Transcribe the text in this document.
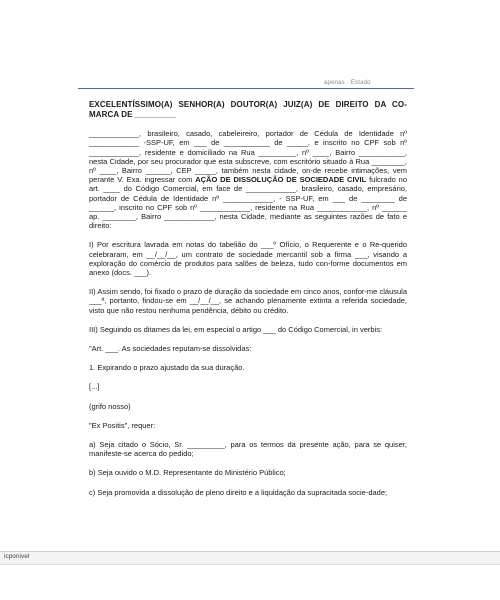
apenas · Estado
EXCELENTÍSSIMO(A) SENHOR(A) DOUTOR(A) JUIZ(A) DE DIREITO DA CO-MARCA DE _________
____________, brasileiro, casado, cabeleireiro, portador de Cédula de Identidade nº ____________ -SSP-UF, em ___ de ___________ de _____, e inscrito no CPF sob nº ____________, residente e domiciliado na Rua _________, nº ____, Bairro ___________, nesta Cidade, por seu procurador que esta subscreve, com escritório situado à Rua ________, nº ____, Bairro ______, CEP _____, também nesta cidade, on-de recebe intimações, vem perante V. Exa. ingressar com AÇÃO DE DISSOLUÇÃO DE SOCIEDADE CIVIL fulcrado no art. ____ do Código Comercial, em face de ____________, brasileiro, casado, empresário, portador de Cédula de Identidade nº ____________, - SSP-UF, em ___ de ________ de ______, inscrito no CPF sob nº ____________, residente na Rua ____________, nº ______ ap. ________, Bairro ____________, nesta Cidade, mediante as seguintes razões de fato e direito:
I) Por escritura lavrada em notas do tabelião do ___º Ofício, o Requerente e o Re-querido celebraram, em __/__/__, um contrato de sociedade mercantil sob a firma ___, visando a exploração do comércio de produtos para salões de beleza, tudo con-forme documentos em anexo (docs. ___).
II) Assim sendo, foi fixado o prazo de duração da sociedade em cinco anos, confor-me cláusula ___ª, portanto, findou-se em __/__/__, se achando plenamente extinta a referida sociedade, visto que não restou nenhuma pendência, débito ou crédito.
III) Seguindo os ditames da lei, em especial o artigo ___ do Código Comercial, in verbis:
"Art. ___. As sociedades reputam-se dissolvidas:
1. Expirando o prazo ajustado da sua duração.
[...]
(grifo nosso)
"Ex Positis", requer:
a) Seja citado o Sócio, Sr. _________, para os termos da presente ação, para se quiser, manifeste-se acerca do pedido;
b) Seja ouvido o M.D. Representante do Ministério Público;
c) Seja promovida a dissolução de pleno direito e a liquidação da supracitada socie-dade;
icponivel
